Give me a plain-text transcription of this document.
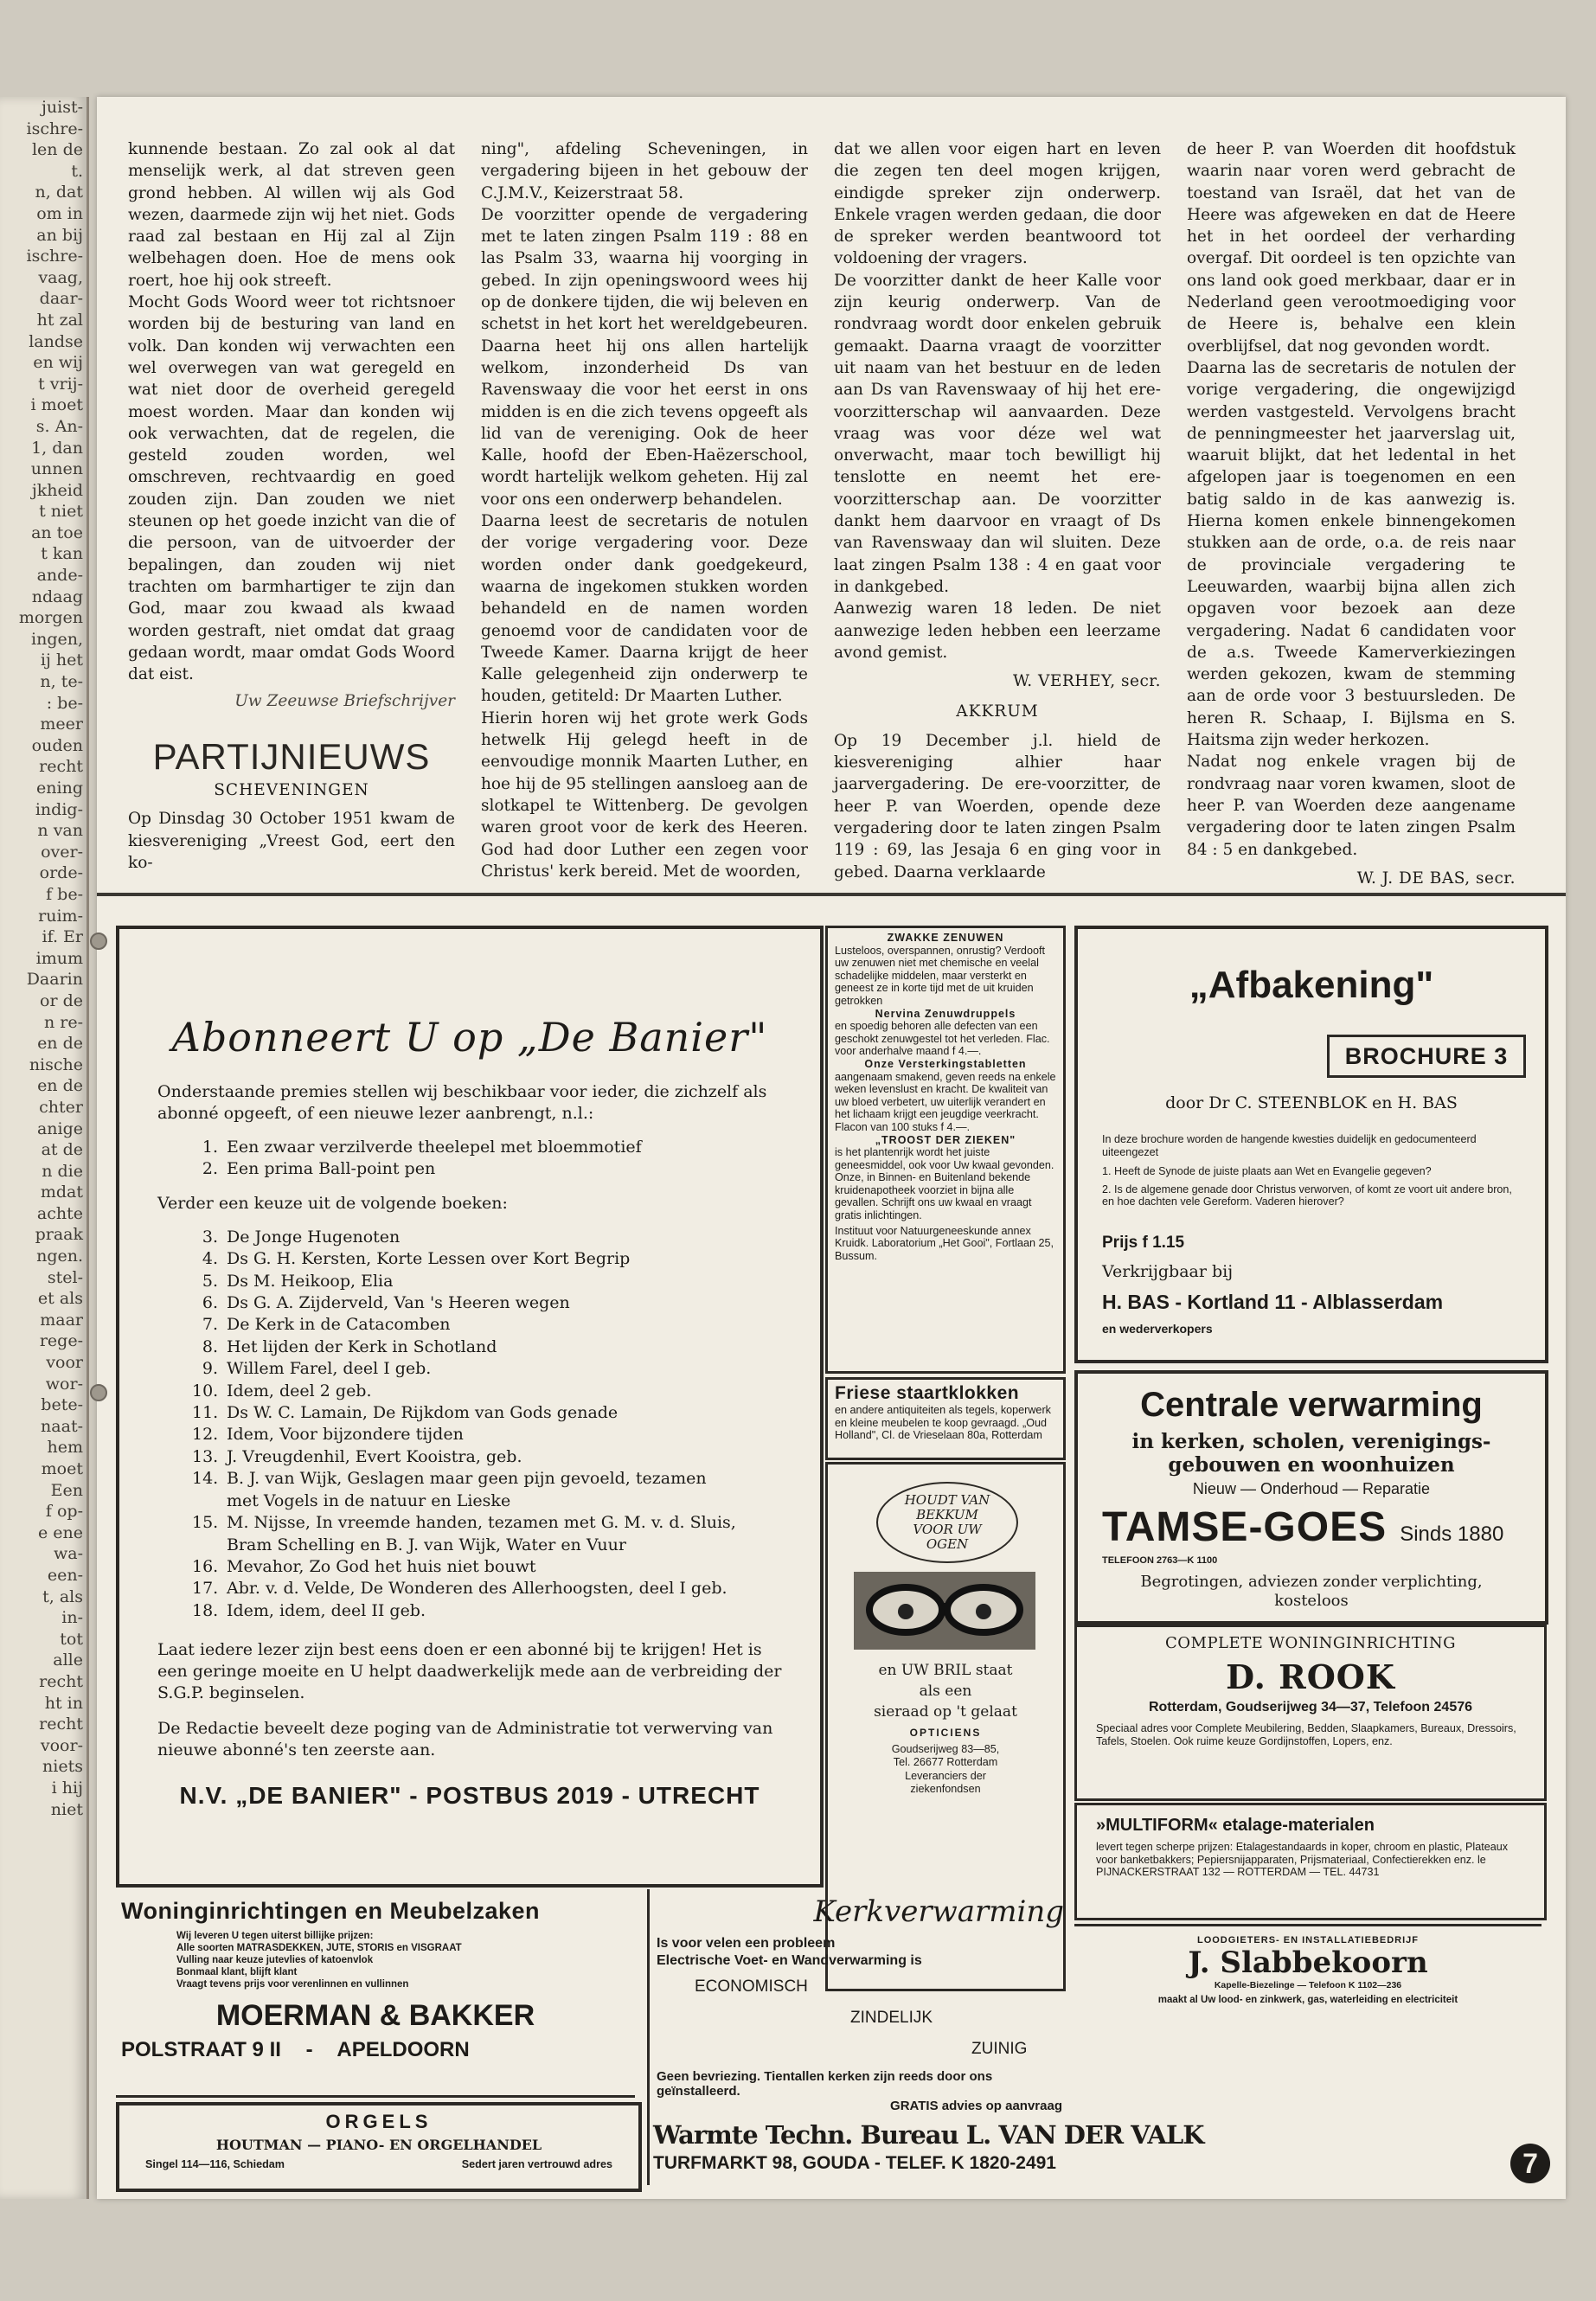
juist-

ischre-

len de

t.

n, dat

om in

an bij

ischre-

vaag,

daar-

ht zal

landse

en wij

t vrij-

i moet

s. An-

1, dan

unnen

jkheid

t niet

an toe

t kan

ande-

ndaag

morgen

ingen,

ij het

n, te-

: be-

meer

ouden

recht

ening

indig-

n van

over-

orde-

f be-

ruim-

if. Er

imum

Daarin

or de

n re-

en de

nische

en de

chter

anige

at de

n die

mdat

achte

praak

ngen.

stel-

et als

maar

rege-

voor

wor-

bete-

naat-

hem

moet

Een

f op-

e ene

wa-

een-

t, als

in-

tot

alle

recht

ht in

recht

voor-

niets

i hij

niet

kunnende bestaan. Zo zal ook al dat menselijk werk, al dat streven geen grond hebben. Al willen wij als God wezen, daarmede zijn wij het niet. Gods raad zal bestaan en Hij zal al Zijn welbehagen doen. Hoe de mens ook roert, hoe hij ook streeft.

Mocht Gods Woord weer tot richtsnoer worden bij de besturing van land en volk. Dan konden wij verwachten een wel overwegen van wat geregeld en wat niet door de overheid geregeld moest worden. Maar dan konden wij ook verwachten, dat de regelen, die gesteld zouden worden, wel omschreven, rechtvaardig en goed zouden zijn. Dan zouden we niet steunen op het goede inzicht van die of die persoon, van de uitvoerder der bepalingen, dan zouden wij niet trachten om barmhartiger te zijn dan God, maar zou kwaad als kwaad worden gestraft, niet omdat dat graag gedaan wordt, maar omdat Gods Woord dat eist.

Uw Zeeuwse Briefschrijver

PARTIJNIEUWS

SCHEVENINGEN

Op Dinsdag 30 October 1951 kwam de kiesvereniging „Vreest God, eert den ko-

ning", afdeling Scheveningen, in vergadering bijeen in het gebouw der C.J.M.V., Keizerstraat 58.

De voorzitter opende de vergadering met te laten zingen Psalm 119 : 88 en las Psalm 33, waarna hij voorging in gebed. In zijn openingswoord wees hij op de donkere tijden, die wij beleven en schetst in het kort het wereldgebeuren. Daarna heet hij ons allen hartelijk welkom, inzonderheid Ds van Ravenswaay die voor het eerst in ons midden is en die zich tevens opgeeft als lid van de vereniging. Ook de heer Kalle, hoofd der Eben-Haëzerschool, wordt hartelijk welkom geheten. Hij zal voor ons een onderwerp behandelen.

Daarna leest de secretaris de notulen der vorige vergadering voor. Deze worden onder dank goedgekeurd, waarna de ingekomen stukken worden behandeld en de namen worden genoemd voor de candidaten voor de Tweede Kamer. Daarna krijgt de heer Kalle gelegenheid zijn onderwerp te houden, getiteld: Dr Maarten Luther.

Hierin horen wij het grote werk Gods hetwelk Hij gelegd heeft in de eenvoudige monnik Maarten Luther, en hoe hij de 95 stellingen aansloeg aan de slotkapel te Wittenberg. De gevolgen waren groot voor de kerk des Heeren. God had door Luther een zegen voor Christus' kerk bereid. Met de woorden,

dat we allen voor eigen hart en leven die zegen ten deel mogen krijgen, eindigde spreker zijn onderwerp. Enkele vragen werden gedaan, die door de spreker werden beantwoord tot voldoening der vragers.

De voorzitter dankt de heer Kalle voor zijn keurig onderwerp. Van de rondvraag wordt door enkelen gebruik gemaakt. Daarna vraagt de voorzitter uit naam van het bestuur en de leden aan Ds van Ravenswaay of hij het ere-voorzitterschap wil aanvaarden. Deze vraag was voor déze wel wat onverwacht, maar toch bewilligt hij tenslotte en neemt het ere-voorzitterschap aan. De voorzitter dankt hem daarvoor en vraagt of Ds van Ravenswaay dan wil sluiten. Deze laat zingen Psalm 138 : 4 en gaat voor in dankgebed.

Aanwezig waren 18 leden. De niet aanwezige leden hebben een leerzame avond gemist.

W. VERHEY, secr.

AKKRUM

Op 19 December j.l. hield de kiesvereniging alhier haar jaarvergadering. De ere-voorzitter, de heer P. van Woerden, opende deze vergadering door te laten zingen Psalm 119 : 69, las Jesaja 6 en ging voor in gebed. Daarna verklaarde

de heer P. van Woerden dit hoofdstuk waarin naar voren werd gebracht de toestand van Israël, dat het van de Heere was afgeweken en dat de Heere het in het oordeel der verharding overgaf. Dit oordeel is ten opzichte van ons land ook goed merkbaar, daar er in Nederland geen verootmoediging voor de Heere is, behalve een klein overblijfsel, dat nog gevonden wordt.

Daarna las de secretaris de notulen der vorige vergadering, die ongewijzigd werden vastgesteld. Vervolgens bracht de penningmeester het jaarverslag uit, waaruit blijkt, dat het ledental in het afgelopen jaar is toegenomen en een batig saldo in de kas aanwezig is. Hierna komen enkele binnengekomen stukken aan de orde, o.a. de reis naar de provinciale vergadering te Leeuwarden, waarbij bijna allen zich opgaven voor bezoek aan deze vergadering. Nadat 6 candidaten voor de a.s. Tweede Kamerverkiezingen werden gekozen, kwam de stemming aan de orde voor 3 bestuursleden. De heren R. Schaap, I. Bijlsma en S. Haitsma zijn weder herkozen.

Nadat nog enkele vragen bij de rondvraag naar voren kwamen, sloot de heer P. van Woerden deze aangename vergadering door te laten zingen Psalm 84 : 5 en dankgebed.

W. J. DE BAS, secr.

Abonneert U op „De Banier"

Onderstaande premies stellen wij beschikbaar voor ieder, die zichzelf als abonné opgeeft, of een nieuwe lezer aanbrengt, n.l.:

1. Een zwaar verzilverde theelepel met bloemmotief
2. Een prima Ball-point pen

Verder een keuze uit de volgende boeken:

3. De Jonge Hugenoten
4. Ds G. H. Kersten, Korte Lessen over Kort Begrip
5. Ds M. Heikoop, Elia
6. Ds G. A. Zijderveld, Van 's Heeren wegen
7. De Kerk in de Catacomben
8. Het lijden der Kerk in Schotland
9. Willem Farel, deel I geb.
10. Idem, deel 2 geb.
11. Ds W. C. Lamain, De Rijkdom van Gods genade
12. Idem, Voor bijzondere tijden
13. J. Vreugdenhil, Evert Kooistra, geb.
14. B. J. van Wijk, Geslagen maar geen pijn gevoeld, tezamen
met Vogels in de natuur en Lieske
15. M. Nijsse, In vreemde handen, tezamen met G. M. v. d. Sluis,
Bram Schelling en B. J. van Wijk, Water en Vuur
16. Mevahor, Zo God het huis niet bouwt
17. Abr. v. d. Velde, De Wonderen des Allerhoogsten, deel I geb.
18. Idem, idem, deel II geb.

Laat iedere lezer zijn best eens doen er een abonné bij te krijgen! Het is een geringe moeite en U helpt daadwerkelijk mede aan de verbreiding der S.G.P. beginselen.

De Redactie beveelt deze poging van de Administratie tot verwerving van nieuwe abonné's ten zeerste aan.

N.V. „DE BANIER" - POSTBUS 2019 - UTRECHT
ZWAKKE ZENUWEN
Lusteloos, overspannen, onrustig? Verdooft uw zenuwen niet met chemische en veelal schadelijke middelen, maar versterkt en geneest ze in korte tijd met de uit kruiden getrokken
Nervina Zenuwdruppels
en spoedig behoren alle defecten van een geschokt zenuwgestel tot het verleden. Flac. voor anderhalve maand f 4.—.
Onze Versterkingstabletten
aangenaam smakend, geven reeds na enkele weken levenslust en kracht. De kwaliteit van uw bloed verbetert, uw uiterlijk verandert en het lichaam krijgt een jeugdige veerkracht. Flacon van 100 stuks f 4.—.
„TROOST DER ZIEKEN"
is het plantenrijk wordt het juiste geneesmiddel, ook voor Uw kwaal gevonden. Onze, in Binnen- en Buitenland bekende kruidenapotheek voorziet in bijna alle gevallen. Schrijft ons uw kwaal en vraagt gratis inlichtingen.
Instituut voor Natuurgeneeskunde annex Kruidk. Laboratorium „Het Gooi", Fortlaan 25, Bussum.
Friese staartklokken
en andere antiquiteiten als tegels, koperwerk en kleine meubelen te koop gevraagd. „Oud Holland", Cl. de Vrieselaan 80a, Rotterdam
HOUDT VAN BEKKUM VOOR UW OGEN
en UW BRIL staat
als een
sieraad op 't gelaat
OPTICIENS
Goudserijweg 83—85,
Tel. 26677 Rotterdam
Leveranciers der ziekenfondsen
„Afbakening"
BROCHURE 3
door Dr C. STEENBLOK en H. BAS
In deze brochure worden de hangende kwesties duidelijk en gedocumenteerd uiteengezet
1. Heeft de Synode de juiste plaats aan Wet en Evangelie gegeven?
2. Is de algemene genade door Christus verworven, of komt ze voort uit andere bron, en hoe dachten vele Gereform. Vaderen hierover?
Prijs f 1.15
Verkrijgbaar bij
H. BAS - Kortland 11 - Alblasserdam
en wederverkopers
Centrale verwarming
in kerken, scholen, verenigings-
gebouwen en woonhuizen
Nieuw — Onderhoud — Reparatie
TAMSE-GOES Sinds 1880
TELEFOON 2763—K 1100
Begrotingen, adviezen zonder verplichting, kosteloos
COMPLETE WONINGINRICHTING
D. ROOK
Rotterdam, Goudserijweg 34—37, Telefoon 24576
Speciaal adres voor Complete Meubilering, Bedden, Slaapkamers, Bureaux, Dressoirs, Tafels, Stoelen. Ook ruime keuze Gordijnstoffen, Lopers, enz.
»MULTIFORM« etalage-materialen
levert tegen scherpe prijzen: Etalagestandaards in koper, chroom en plastic, Plateaux voor banketbakkers; Pepiersnijapparaten, Prijsmateriaal, Confectierekken enz. le PIJNACKERSTRAAT 132 — ROTTERDAM — TEL. 44731
LOODGIETERS- EN INSTALLATIEBEDRIJF
J. Slabbekoorn
Kapelle-Biezelinge — Telefoon K 1102—236
maakt al Uw lood- en zinkwerk, gas, waterleiding en electriciteit
Woninginrichtingen en Meubelzaken
Wij leveren U tegen uiterst billijke prijzen:
Alle soorten MATRASDEKKEN, JUTE, STORIS en VISGRAAT
Vulling naar keuze jutevlies of katoenvlok
Bonmaal klant, blijft klant
Vraagt tevens prijs voor verenlinnen en vullinnen
MOERMAN & BAKKER
POLSTRAAT 9 II - APELDOORN
ORGELS
HOUTMAN — PIANO- EN ORGELHANDEL
Singel 114—116, Schiedam	Sedert jaren vertrouwd adres
Kerkverwarming
Is voor velen een probleem
Electrische Voet- en Wandverwarming is
ECONOMISCH
ZINDELIJK
ZUINIG
Geen bevriezing. Tientallen kerken zijn reeds door ons geïnstalleerd.
GRATIS advies op aanvraag
Warmte Techn. Bureau L. VAN DER VALK
TURFMARKT 98, GOUDA - TELEF. K 1820-2491	7
